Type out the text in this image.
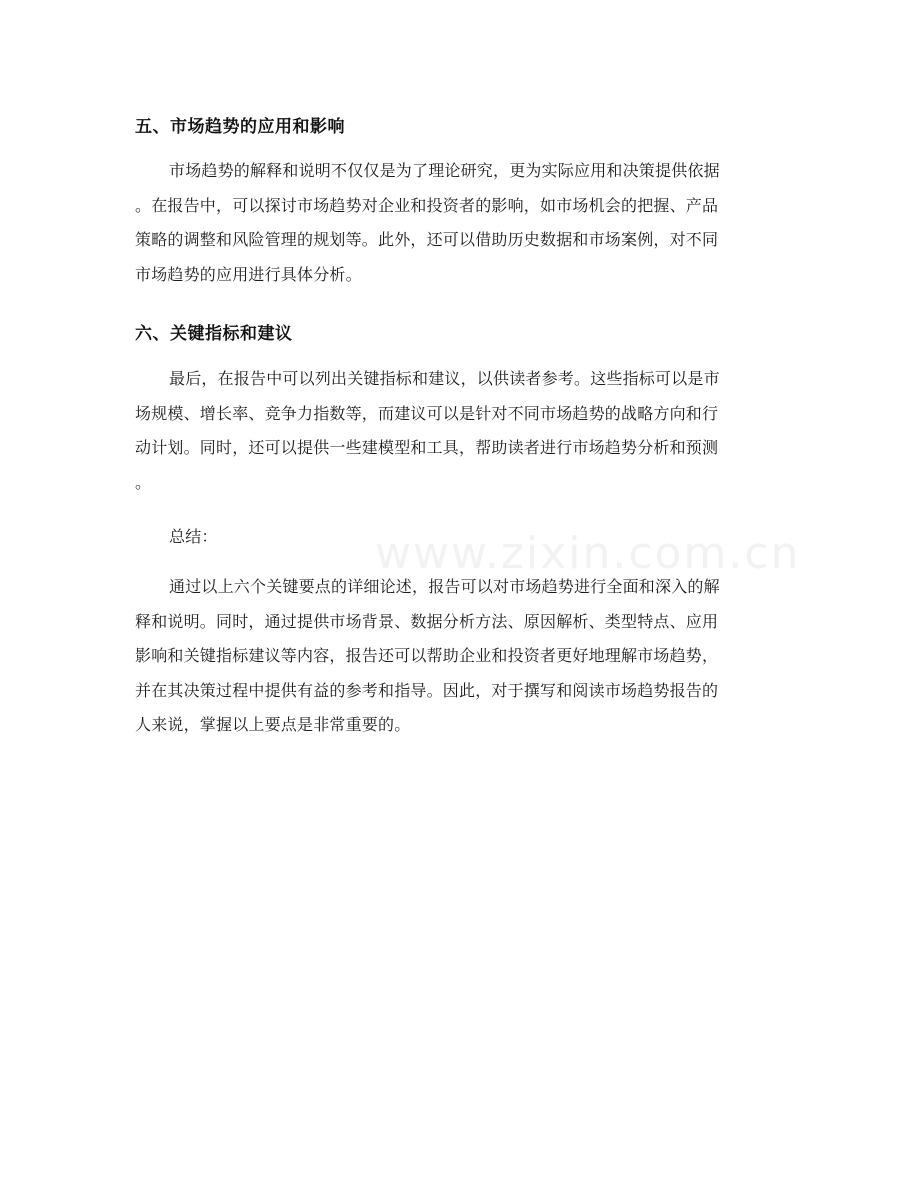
www.zixin.com.cn
五、市场趋势的应用和影响
市场趋势的解释和说明不仅仅是为了理论研究，更为实际应用和决策提供依据
。在报告中，可以探讨市场趋势对企业和投资者的影响，如市场机会的把握、产品
策略的调整和风险管理的规划等。此外，还可以借助历史数据和市场案例，对不同
市场趋势的应用进行具体分析。
六、关键指标和建议
最后，在报告中可以列出关键指标和建议，以供读者参考。这些指标可以是市
场规模、增长率、竞争力指数等，而建议可以是针对不同市场趋势的战略方向和行
动计划。同时，还可以提供一些建模型和工具，帮助读者进行市场趋势分析和预测
。
总结：
通过以上六个关键要点的详细论述，报告可以对市场趋势进行全面和深入的解
释和说明。同时，通过提供市场背景、数据分析方法、原因解析、类型特点、应用
影响和关键指标建议等内容，报告还可以帮助企业和投资者更好地理解市场趋势，
并在其决策过程中提供有益的参考和指导。因此，对于撰写和阅读市场趋势报告的
人来说，掌握以上要点是非常重要的。
